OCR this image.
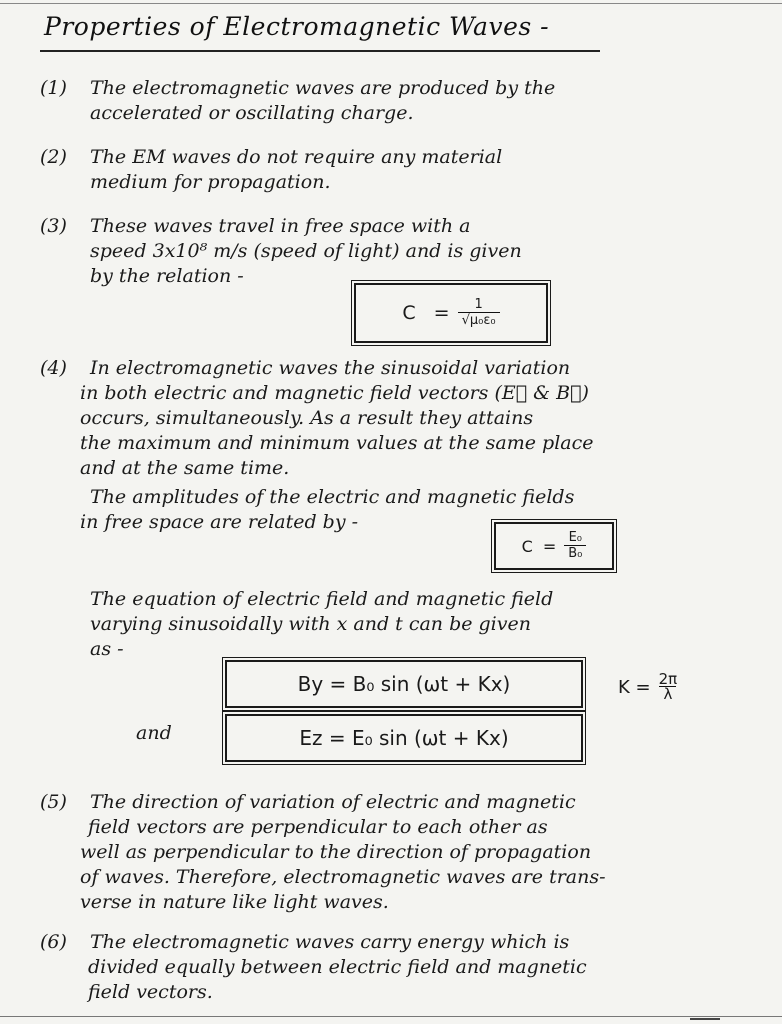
Properties of Electromagnetic Waves -
(1) The electromagnetic waves are produced by the
accelerated or oscillating charge.
(2) The EM waves do not require any material
medium for propagation.
(3) These waves travel in free space with a
speed 3x10⁸ m/s (speed of light) and is given
by the relation -
$C = \frac{1}{\text{√μ₀ε₀}}$
(4) In electromagnetic waves the sinusoidal variation
in both electric and magnetic field vectors (E⃗ & B⃗)
occurs, simultaneously. As a result they attains
the maximum and minimum values at the same place
and at the same time.
The amplitudes of the electric and magnetic fields
in free space are related by -
$C = \frac{\text{E₀}}{\text{B₀}}$
The equation of electric field and magnetic field
varying sinusoidally with x and t can be given
as -
By = B₀ sin (ωt + Kx)	$K = \frac{2\pi}{\lambda}$
and	Ez = E₀ sin (ωt + Kx)
(5) The direction of variation of electric and magnetic
field vectors are perpendicular to each other as
well as perpendicular to the direction of propagation
of waves. Therefore, electromagnetic waves are trans-
verse in nature like light waves.
(6) The electromagnetic waves carry energy which is
divided equally between electric field and magnetic
field vectors.
